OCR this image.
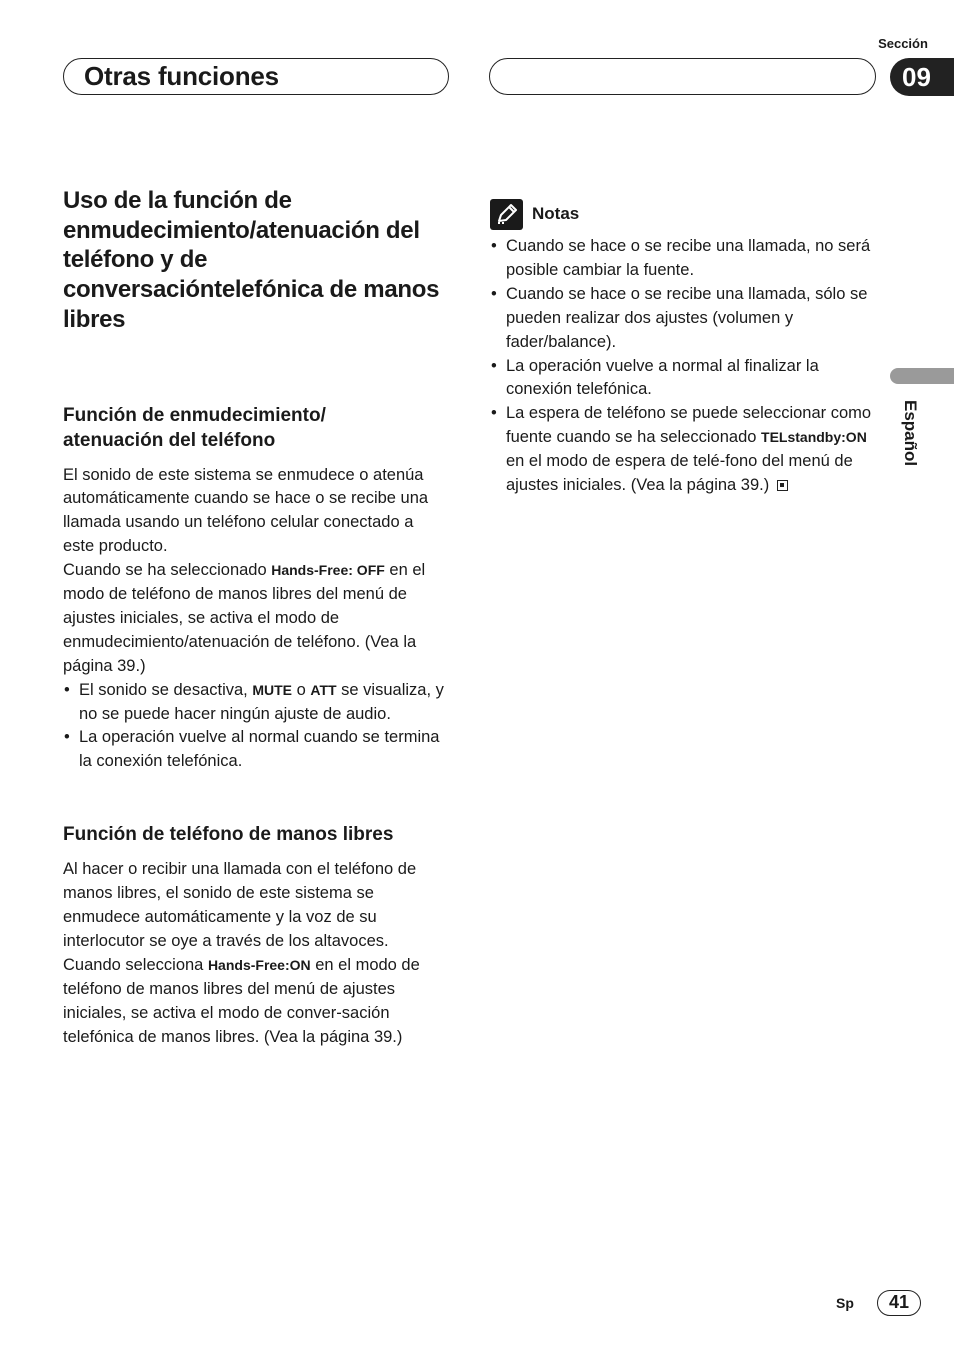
Sección
Otras funciones	09
Español
Uso de la función de enmudecimiento/atenuación del teléfono y de conversacióntelefónica de manos libres
Función de enmudecimiento/ atenuación del teléfono

El sonido de este sistema se enmudece o atenúa automáticamente cuando se hace o se recibe una llamada usando un teléfono celular conectado a este producto.

Cuando se ha seleccionado Hands-Free: OFF en el modo de teléfono de manos libres del menú de ajustes iniciales, se activa el modo de enmudecimiento/atenuación de teléfono. (Vea la página 39.)

• El sonido se desactiva, MUTE o ATT se visualiza, y no se puede hacer ningún ajuste de audio.
• La operación vuelve al normal cuando se termina la conexión telefónica.
Función de teléfono de manos libres

Al hacer o recibir una llamada con el teléfono de manos libres, el sonido de este sistema se enmudece automáticamente y la voz de su interlocutor se oye a través de los altavoces.

Cuando selecciona Hands-Free:ON en el modo de teléfono de manos libres del menú de ajustes iniciales, se activa el modo de conver-sación telefónica de manos libres. (Vea la página 39.)

Notas
• Cuando se hace o se recibe una llamada, no será posible cambiar la fuente.
• Cuando se hace o se recibe una llamada, sólo se pueden realizar dos ajustes (volumen y fader/balance).
• La operación vuelve a normal al finalizar la conexión telefónica.
• La espera de teléfono se puede seleccionar como fuente cuando se ha seleccionado TELstandby:ON en el modo de espera de telé-fono del menú de ajustes iniciales. (Vea la página 39.)
Sp	41
